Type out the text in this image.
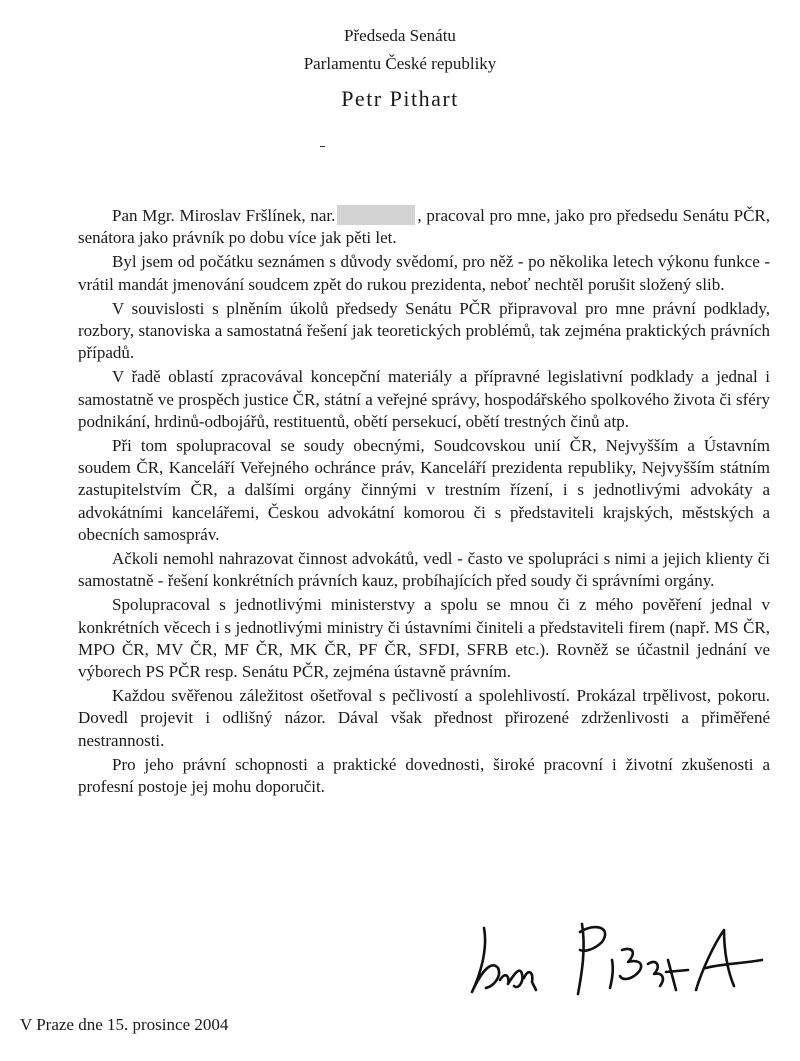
Předseda Senátu
Parlamentu České republiky
Petr Pithart

Pan Mgr. Miroslav Fršlínek, nar.	, pracoval pro mne, jako pro předsedu Senátu PČR, senátora jako právník po dobu více jak pěti let.

Byl jsem od počátku seznámen s důvody svědomí, pro něž - po několika letech výkonu funkce - vrátil mandát jmenování soudcem zpět do rukou prezidenta, neboť nechtěl porušit složený slib.

V souvislosti s plněním úkolů předsedy Senátu PČR připravoval pro mne právní podklady, rozbory, stanoviska a samostatná řešení jak teoretických problémů, tak zejména praktických právních případů.

V řadě oblastí zpracovával koncepční materiály a přípravné legislativní podklady a jednal i samostatně ve prospěch justice ČR, státní a veřejné správy, hospodářského spolkového života či sféry podnikání, hrdinů-odbojářů, restituentů, obětí persekucí, obětí trestných činů atp.

Při tom spolupracoval se soudy obecnými, Soudcovskou unií ČR, Nejvyšším a Ústavním soudem ČR, Kanceláří Veřejného ochránce práv, Kanceláří prezidenta republiky, Nejvyšším státním zastupitelstvím ČR, a dalšími orgány činnými v trestním řízení, i s jednotlivými advokáty a advokátními kancelářemi, Českou advokátní komorou či s představiteli krajských, městských a obecních samospráv.

Ačkoli nemohl nahrazovat činnost advokátů, vedl - často ve spolupráci s nimi a jejich klienty či samostatně - řešení konkrétních právních kauz, probíhajících před soudy či správními orgány.

Spolupracoval s jednotlivými ministerstvy a spolu se mnou či z mého pověření jednal v konkrétních věcech i s jednotlivými ministry či ústavními činiteli a představiteli firem (např. MS ČR, MPO ČR, MV ČR, MF ČR, MK ČR, PF ČR, SFDI, SFRB etc.). Rovněž se účastnil jednání ve výborech PS PČR resp. Senátu PČR, zejména ústavně právním.

Každou svěřenou záležitost ošetřoval s pečlivostí a spolehlivostí. Prokázal trpělivost, pokoru. Dovedl projevit i odlišný názor. Dával však přednost přirozené zdrženlivosti a přiměřené nestrannosti.

Pro jeho právní schopnosti a praktické dovednosti, široké pracovní i životní zkušenosti a profesní postoje jej mohu doporučit.

V Praze dne 15. prosince 2004
